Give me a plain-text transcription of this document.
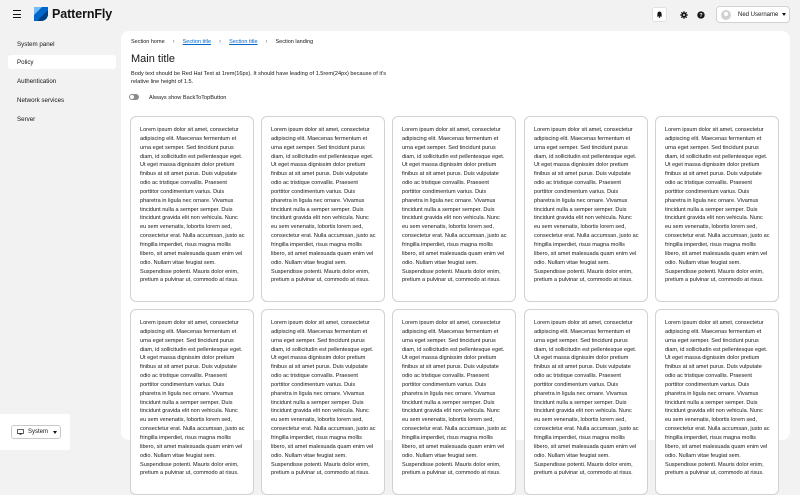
PatternFly	?	Ned Username
System panel
Policy
Authentication
Network services
Server
System
Section home › Section title › Section title › Section landing
Main title

Body text should be Red Hat Text at 1rem(16px). It should have leading of 1.5rem(24px) because of it’s relative line height of 1.5.

Always show BackToTopButton

Lorem ipsum dolor sit amet, consectetur adipiscing elit. Maecenas fermentum et urna eget semper. Sed tincidunt purus diam, id sollicitudin est pellentesque eget. Ut eget massa dignissim dolor pretium finibus at sit amet purus. Duis vulputate odio ac tristique convallis. Praesent porttitor condimentum varius. Duis pharetra in ligula nec ornare. Vivamus tincidunt nulla a semper semper. Duis tincidunt gravida elit non vehicula. Nunc eu sem venenatis, lobortis lorem sed, consectetur erat. Nulla accumsan, justo ac fringilla imperdiet, risus magna mollis libero, sit amet malesuada quam enim vel odio. Nullam vitae feugiat sem. Suspendisse potenti. Mauris dolor enim, pretium a pulvinar ut, commodo at risus.

Lorem ipsum dolor sit amet, consectetur adipiscing elit. Maecenas fermentum et urna eget semper. Sed tincidunt purus diam, id sollicitudin est pellentesque eget. Ut eget massa dignissim dolor pretium finibus at sit amet purus. Duis vulputate odio ac tristique convallis. Praesent porttitor condimentum varius. Duis pharetra in ligula nec ornare. Vivamus tincidunt nulla a semper semper. Duis tincidunt gravida elit non vehicula. Nunc eu sem venenatis, lobortis lorem sed, consectetur erat. Nulla accumsan, justo ac fringilla imperdiet, risus magna mollis libero, sit amet malesuada quam enim vel odio. Nullam vitae feugiat sem. Suspendisse potenti. Mauris dolor enim, pretium a pulvinar ut, commodo at risus.

Lorem ipsum dolor sit amet, consectetur adipiscing elit. Maecenas fermentum et urna eget semper. Sed tincidunt purus diam, id sollicitudin est pellentesque eget. Ut eget massa dignissim dolor pretium finibus at sit amet purus. Duis vulputate odio ac tristique convallis. Praesent porttitor condimentum varius. Duis pharetra in ligula nec ornare. Vivamus tincidunt nulla a semper semper. Duis tincidunt gravida elit non vehicula. Nunc eu sem venenatis, lobortis lorem sed, consectetur erat. Nulla accumsan, justo ac fringilla imperdiet, risus magna mollis libero, sit amet malesuada quam enim vel odio. Nullam vitae feugiat sem. Suspendisse potenti. Mauris dolor enim, pretium a pulvinar ut, commodo at risus.

Lorem ipsum dolor sit amet, consectetur adipiscing elit. Maecenas fermentum et urna eget semper. Sed tincidunt purus diam, id sollicitudin est pellentesque eget. Ut eget massa dignissim dolor pretium finibus at sit amet purus. Duis vulputate odio ac tristique convallis. Praesent porttitor condimentum varius. Duis pharetra in ligula nec ornare. Vivamus tincidunt nulla a semper semper. Duis tincidunt gravida elit non vehicula. Nunc eu sem venenatis, lobortis lorem sed, consectetur erat. Nulla accumsan, justo ac fringilla imperdiet, risus magna mollis libero, sit amet malesuada quam enim vel odio. Nullam vitae feugiat sem. Suspendisse potenti. Mauris dolor enim, pretium a pulvinar ut, commodo at risus.

Lorem ipsum dolor sit amet, consectetur adipiscing elit. Maecenas fermentum et urna eget semper. Sed tincidunt purus diam, id sollicitudin est pellentesque eget. Ut eget massa dignissim dolor pretium finibus at sit amet purus. Duis vulputate odio ac tristique convallis. Praesent porttitor condimentum varius. Duis pharetra in ligula nec ornare. Vivamus tincidunt nulla a semper semper. Duis tincidunt gravida elit non vehicula. Nunc eu sem venenatis, lobortis lorem sed, consectetur erat. Nulla accumsan, justo ac fringilla imperdiet, risus magna mollis libero, sit amet malesuada quam enim vel odio. Nullam vitae feugiat sem. Suspendisse potenti. Mauris dolor enim, pretium a pulvinar ut, commodo at risus.

Lorem ipsum dolor sit amet, consectetur adipiscing elit. Maecenas fermentum et urna eget semper. Sed tincidunt purus diam, id sollicitudin est pellentesque eget. Ut eget massa dignissim dolor pretium finibus at sit amet purus. Duis vulputate odio ac tristique convallis. Praesent porttitor condimentum varius. Duis pharetra in ligula nec ornare. Vivamus tincidunt nulla a semper semper. Duis tincidunt gravida elit non vehicula. Nunc eu sem venenatis, lobortis lorem sed, consectetur erat. Nulla accumsan, justo ac fringilla imperdiet, risus magna mollis libero, sit amet malesuada quam enim vel odio. Nullam vitae feugiat sem. Suspendisse potenti. Mauris dolor enim, pretium a pulvinar ut, commodo at risus.

Lorem ipsum dolor sit amet, consectetur adipiscing elit. Maecenas fermentum et urna eget semper. Sed tincidunt purus diam, id sollicitudin est pellentesque eget. Ut eget massa dignissim dolor pretium finibus at sit amet purus. Duis vulputate odio ac tristique convallis. Praesent porttitor condimentum varius. Duis pharetra in ligula nec ornare. Vivamus tincidunt nulla a semper semper. Duis tincidunt gravida elit non vehicula. Nunc eu sem venenatis, lobortis lorem sed, consectetur erat. Nulla accumsan, justo ac fringilla imperdiet, risus magna mollis libero, sit amet malesuada quam enim vel odio. Nullam vitae feugiat sem. Suspendisse potenti. Mauris dolor enim, pretium a pulvinar ut, commodo at risus.

Lorem ipsum dolor sit amet, consectetur adipiscing elit. Maecenas fermentum et urna eget semper. Sed tincidunt purus diam, id sollicitudin est pellentesque eget. Ut eget massa dignissim dolor pretium finibus at sit amet purus. Duis vulputate odio ac tristique convallis. Praesent porttitor condimentum varius. Duis pharetra in ligula nec ornare. Vivamus tincidunt nulla a semper semper. Duis tincidunt gravida elit non vehicula. Nunc eu sem venenatis, lobortis lorem sed, consectetur erat. Nulla accumsan, justo ac fringilla imperdiet, risus magna mollis libero, sit amet malesuada quam enim vel odio. Nullam vitae feugiat sem. Suspendisse potenti. Mauris dolor enim, pretium a pulvinar ut, commodo at risus.

Lorem ipsum dolor sit amet, consectetur adipiscing elit. Maecenas fermentum et urna eget semper. Sed tincidunt purus diam, id sollicitudin est pellentesque eget. Ut eget massa dignissim dolor pretium finibus at sit amet purus. Duis vulputate odio ac tristique convallis. Praesent porttitor condimentum varius. Duis pharetra in ligula nec ornare. Vivamus tincidunt nulla a semper semper. Duis tincidunt gravida elit non vehicula. Nunc eu sem venenatis, lobortis lorem sed, consectetur erat. Nulla accumsan, justo ac fringilla imperdiet, risus magna mollis libero, sit amet malesuada quam enim vel odio. Nullam vitae feugiat sem. Suspendisse potenti. Mauris dolor enim, pretium a pulvinar ut, commodo at risus.

Lorem ipsum dolor sit amet, consectetur adipiscing elit. Maecenas fermentum et urna eget semper. Sed tincidunt purus diam, id sollicitudin est pellentesque eget. Ut eget massa dignissim dolor pretium finibus at sit amet purus. Duis vulputate odio ac tristique convallis. Praesent porttitor condimentum varius. Duis pharetra in ligula nec ornare. Vivamus tincidunt nulla a semper semper. Duis tincidunt gravida elit non vehicula. Nunc eu sem venenatis, lobortis lorem sed, consectetur erat. Nulla accumsan, justo ac fringilla imperdiet, risus magna mollis libero, sit amet malesuada quam enim vel odio. Nullam vitae feugiat sem. Suspendisse potenti. Mauris dolor enim, pretium a pulvinar ut, commodo at risus.
